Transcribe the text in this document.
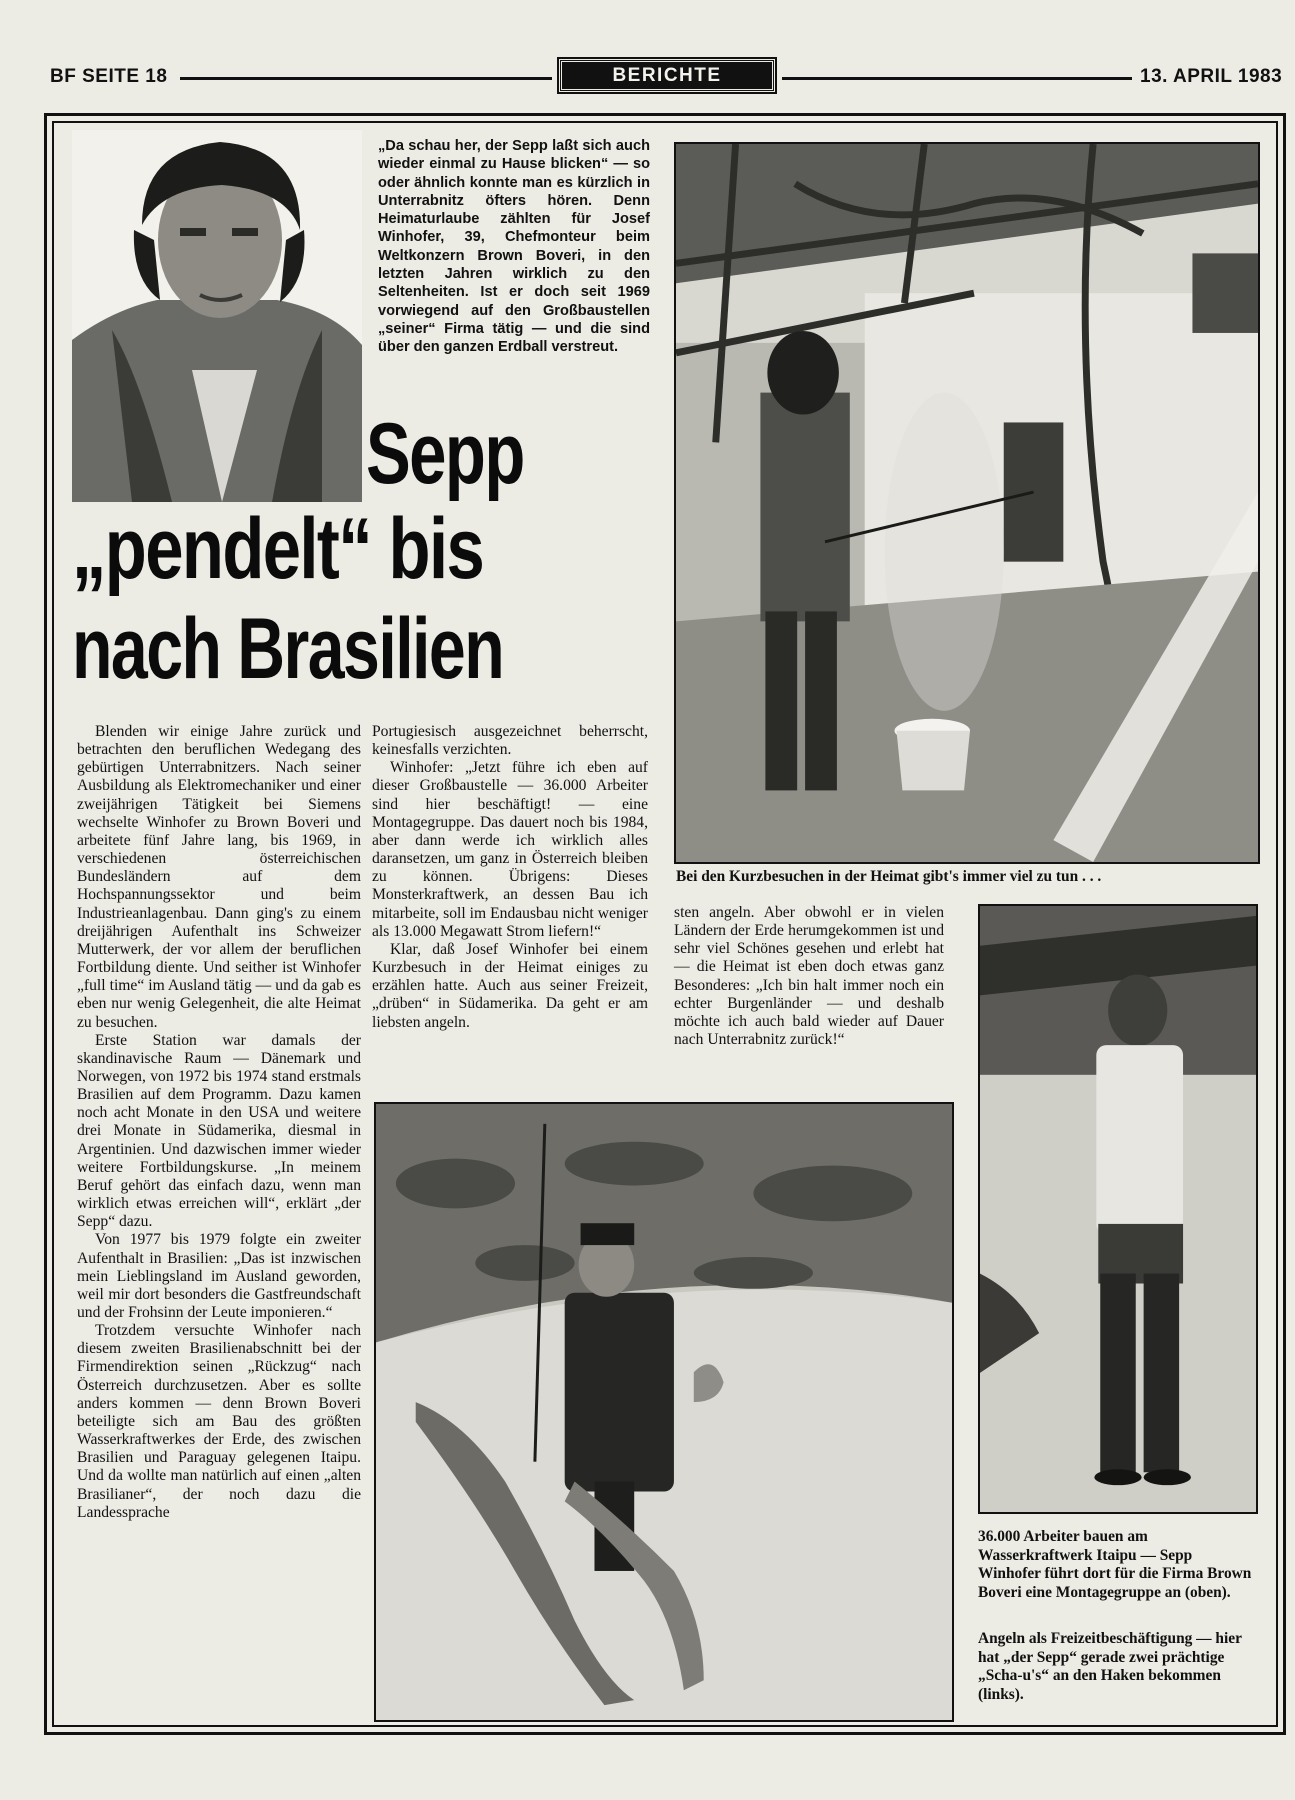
BF SEITE 18	BERICHTE	13. APRIL 1983
„Da schau her, der Sepp laßt sich auch wieder einmal zu Hause blicken“ — so oder ähnlich konnte man es kürzlich in Unterrabnitz öfters hören. Denn Heimaturlaube zählten für Josef Winhofer, 39, Chefmonteur beim Weltkonzern Brown Boveri, in den letzten Jahren wirklich zu den Seltenheiten. Ist er doch seit 1969 vorwiegend auf den Großbaustellen „seiner“ Firma tätig — und die sind über den ganzen Erdball verstreut.
Sepp
„pendelt“ bis
nach Brasilien
Bei den Kurzbesuchen in der Heimat gibt's immer viel zu tun . . .

Blenden wir einige Jahre zurück und betrachten den beruflichen Wedegang des gebürtigen Unterrabnitzers. Nach seiner Ausbildung als Elektromechaniker und einer zweijährigen Tätigkeit bei Siemens wechselte Winhofer zu Brown Boveri und arbeitete fünf Jahre lang, bis 1969, in verschiedenen österreichischen Bundesländern auf dem Hochspannungssektor und beim Industrieanlagenbau. Dann ging's zu einem dreijährigen Aufenthalt ins Schweizer Mutterwerk, der vor allem der beruflichen Fortbildung diente. Und seither ist Winhofer „full time“ im Ausland tätig — und da gab es eben nur wenig Gelegenheit, die alte Heimat zu besuchen.

Erste Station war damals der skandinavische Raum — Dänemark und Norwegen, von 1972 bis 1974 stand erstmals Brasilien auf dem Programm. Dazu kamen noch acht Monate in den USA und weitere drei Monate in Südamerika, diesmal in Argentinien. Und dazwischen immer wieder weitere Fortbildungskurse. „In meinem Beruf gehört das einfach dazu, wenn man wirklich etwas erreichen will“, erklärt „der Sepp“ dazu.

Von 1977 bis 1979 folgte ein zweiter Aufenthalt in Brasilien: „Das ist inzwischen mein Lieblingsland im Ausland geworden, weil mir dort besonders die Gastfreundschaft und der Frohsinn der Leute imponieren.“

Trotzdem versuchte Winhofer nach diesem zweiten Brasilienabschnitt bei der Firmendirektion seinen „Rückzug“ nach Österreich durchzusetzen. Aber es sollte anders kommen — denn Brown Boveri beteiligte sich am Bau des größten Wasserkraftwerkes der Erde, des zwischen Brasilien und Paraguay gelegenen Itaipu. Und da wollte man natürlich auf einen „alten Brasilianer“, der noch dazu die Landessprache

Portugiesisch ausgezeichnet beherrscht, keinesfalls verzichten.

Winhofer: „Jetzt führe ich eben auf dieser Großbaustelle — 36.000 Arbeiter sind hier beschäftigt! — eine Montagegruppe. Das dauert noch bis 1984, aber dann werde ich wirklich alles daransetzen, um ganz in Österreich bleiben zu können. Übrigens: Dieses Monsterkraftwerk, an dessen Bau ich mitarbeite, soll im Endausbau nicht weniger als 13.000 Megawatt Strom liefern!“

Klar, daß Josef Winhofer bei einem Kurzbesuch in der Heimat einiges zu erzählen hatte. Auch aus seiner Freizeit, „drüben“ in Südamerika. Da geht er am liebsten angeln.

sten angeln. Aber obwohl er in vielen Ländern der Erde herumgekommen ist und sehr viel Schönes gesehen und erlebt hat — die Heimat ist eben doch etwas ganz Besonderes: „Ich bin halt immer noch ein echter Burgenländer — und deshalb möchte ich auch bald wieder auf Dauer nach Unterrabnitz zurück!“

36.000 Arbeiter bauen am Wasserkraftwerk Itaipu — Sepp Winhofer führt dort für die Firma Brown Boveri eine Montagegruppe an (oben).
Angeln als Freizeitbeschäftigung — hier hat „der Sepp“ gerade zwei prächtige „Scha-u's“ an den Haken bekommen (links).
